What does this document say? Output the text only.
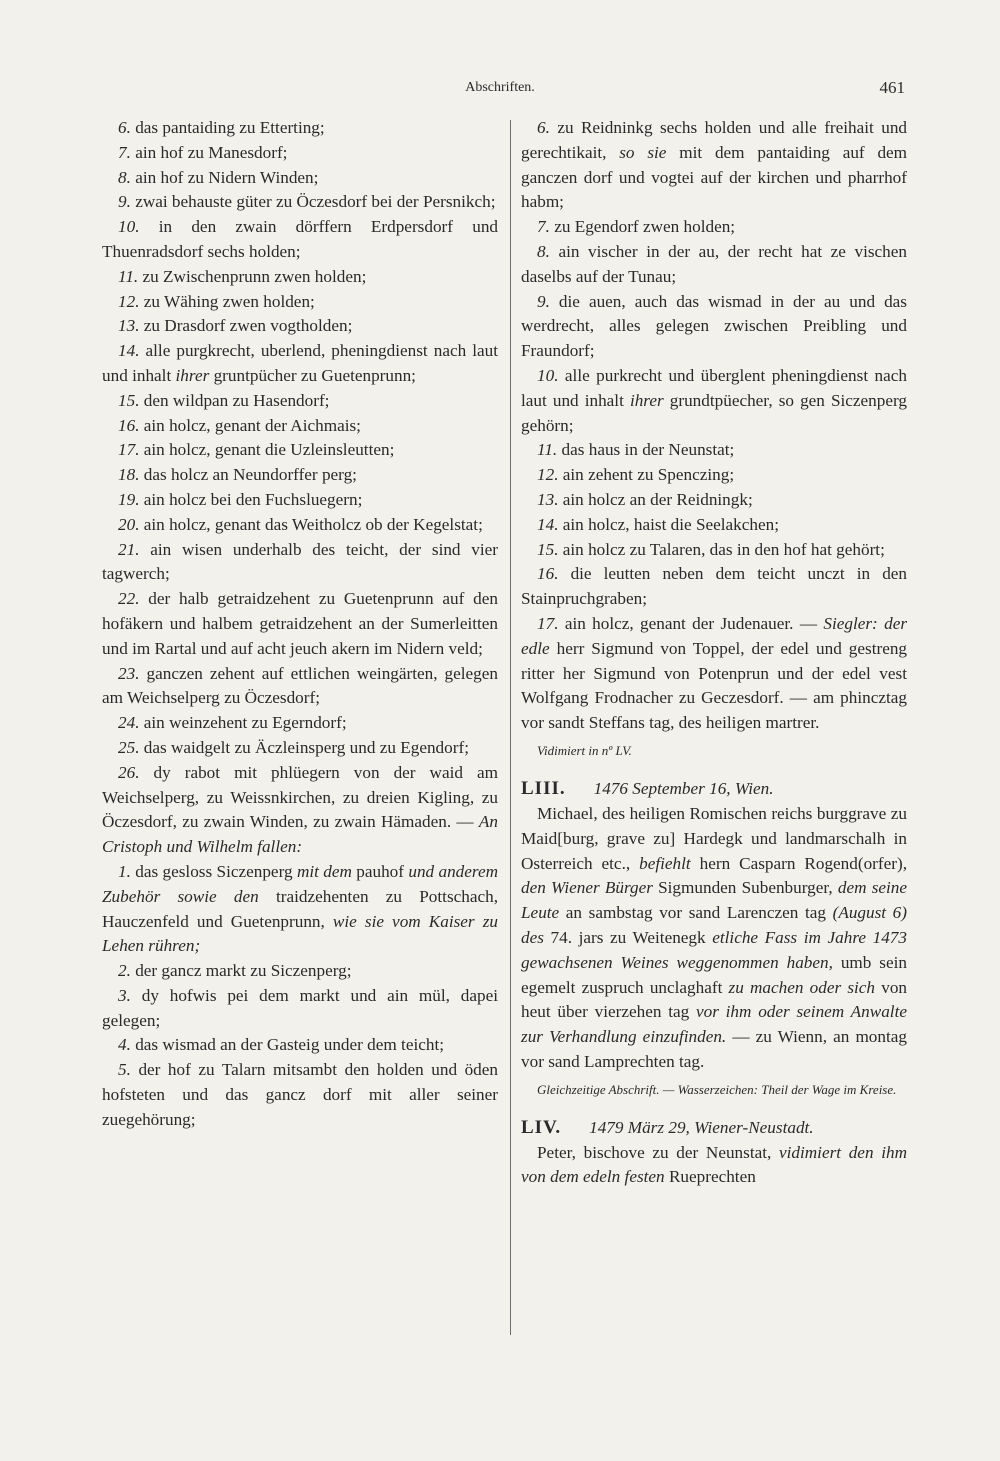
Abschriften.	461

6. das pantaiding zu Etterting;

7. ain hof zu Manesdorf;

8. ain hof zu Nidern Winden;

9. zwai behauste güter zu Öczesdorf bei der Persnikch;

10. in den zwain dörffern Erdpersdorf und Thuenradsdorf sechs holden;

11. zu Zwischenprunn zwen holden;

12. zu Wähing zwen holden;

13. zu Drasdorf zwen vogtholden;

14. alle purgkrecht, uberlend, pheningdienst nach laut und inhalt ihrer gruntpücher zu Guetenprunn;

15. den wildpan zu Hasendorf;

16. ain holcz, genant der Aichmais;

17. ain holcz, genant die Uzleinsleutten;

18. das holcz an Neundorffer perg;

19. ain holcz bei den Fuchsluegern;

20. ain holcz, genant das Weitholcz ob der Kegelstat;

21. ain wisen underhalb des teicht, der sind vier tagwerch;

22. der halb getraidzehent zu Guetenprunn auf den hofäkern und halbem getraidzehent an der Sumerleitten und im Rartal und auf acht jeuch akern im Nidern veld;

23. ganczen zehent auf ettlichen weingärten, gelegen am Weichselperg zu Öczesdorf;

24. ain weinzehent zu Egerndorf;

25. das waidgelt zu Äczleinsperg und zu Egendorf;

26. dy rabot mit phlüegern von der waid am Weichselperg, zu Weissnkirchen, zu dreien Kigling, zu Öczesdorf, zu zwain Winden, zu zwain Hämaden. — An Cristoph und Wilhelm fallen:

1. das gesloss Siczenperg mit dem pauhof und anderem Zubehör sowie den traidzehenten zu Pottschach, Hauczenfeld und Guetenprunn, wie sie vom Kaiser zu Lehen rühren;

2. der gancz markt zu Siczenperg;

3. dy hofwis pei dem markt und ain mül, dapei gelegen;

4. das wismad an der Gasteig under dem teicht;

5. der hof zu Talarn mitsambt den holden und öden hofsteten und das gancz dorf mit aller seiner zuegehörung;

6. zu Reidninkg sechs holden und alle freihait und gerechtikait, so sie mit dem pantaiding auf dem ganczen dorf und vogtei auf der kirchen und pharrhof habm;

7. zu Egendorf zwen holden;

8. ain vischer in der au, der recht hat ze vischen daselbs auf der Tunau;

9. die auen, auch das wismad in der au und das werdrecht, alles gelegen zwischen Preibling und Fraundorf;

10. alle purkrecht und überglent pheningdienst nach laut und inhalt ihrer grundtpüecher, so gen Siczenperg gehörn;

11. das haus in der Neunstat;

12. ain zehent zu Spenczing;

13. ain holcz an der Reidningk;

14. ain holcz, haist die Seelakchen;

15. ain holcz zu Talaren, das in den hof hat gehört;

16. die leutten neben dem teicht unczt in den Stainpruchgraben;

17. ain holcz, genant der Judenauer. — Siegler: der edle herr Sigmund von Toppel, der edel und gestreng ritter her Sigmund von Potenprun und der edel vest Wolfgang Frodnacher zu Geczesdorf. — am phincztag vor sandt Steffans tag, des heiligen martrer.

Vidimiert in nº LV.

LIII. 1476 September 16, Wien.

Michael, des heiligen Romischen reichs burggrave zu Maid[burg, grave zu] Hardegk und landmarschalh in Osterreich etc., befiehlt hern Casparn Rogend(orfer), den Wiener Bürger Sigmunden Subenburger, dem seine Leute an sambstag vor sand Larenczen tag (August 6) des 74. jars zu Weitenegk etliche Fass im Jahre 1473 gewachsenen Weines weggenommen haben, umb sein egemelt zuspruch unclaghaft zu machen oder sich von heut über vierzehen tag vor ihm oder seinem Anwalte zur Verhandlung einzufinden. — zu Wienn, an montag vor sand Lamprechten tag.

Gleichzeitige Abschrift. — Wasserzeichen: Theil der Wage im Kreise.

LIV. 1479 März 29, Wiener-Neustadt.

Peter, bischove zu der Neunstat, vidimiert den ihm von dem edeln festen Rueprechten
